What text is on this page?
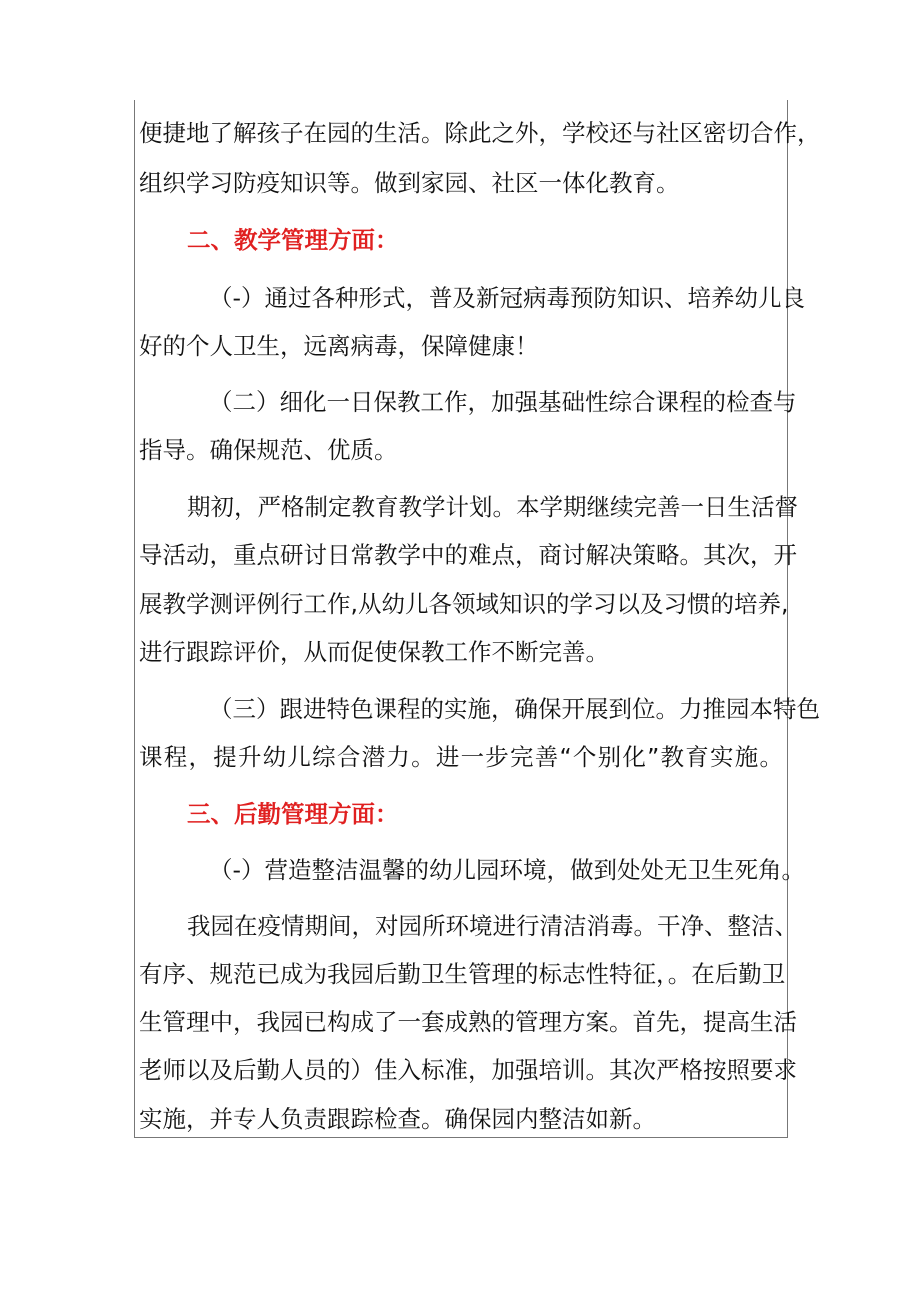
便捷地了解孩子在园的生活。除此之外，学校还与社区密切合作，
组织学习防疫知识等。做到家园、社区一体化教育。
二、教学管理方面：
（-）通过各种形式，普及新冠病毒预防知识、培养幼儿良
好的个人卫生，远离病毒，保障健康！
（二）细化一日保教工作，加强基础性综合课程的检查与
指导。确保规范、优质。
期初，严格制定教育教学计划。本学期继续完善一日生活督
导活动，重点研讨日常教学中的难点，商讨解决策略。其次，开
展教学测评例行工作,从幼儿各领域知识的学习以及习惯的培养,
进行跟踪评价，从而促使保教工作不断完善。
（三）跟进特色课程的实施，确保开展到位。力推园本特色
课程，提升幼儿综合潜力。进一步完善“个别化”教育实施。
三、后勤管理方面：
（-）营造整洁温馨的幼儿园环境，做到处处无卫生死角。
我园在疫情期间，对园所环境进行清洁消毒。干净、整洁、
有序、规范已成为我园后勤卫生管理的标志性特征，。在后勤卫
生管理中，我园已构成了一套成熟的管理方案。首先，提高生活
老师以及后勤人员的）佳入标准，加强培训。其次严格按照要求
实施，并专人负责跟踪检查。确保园内整洁如新。
